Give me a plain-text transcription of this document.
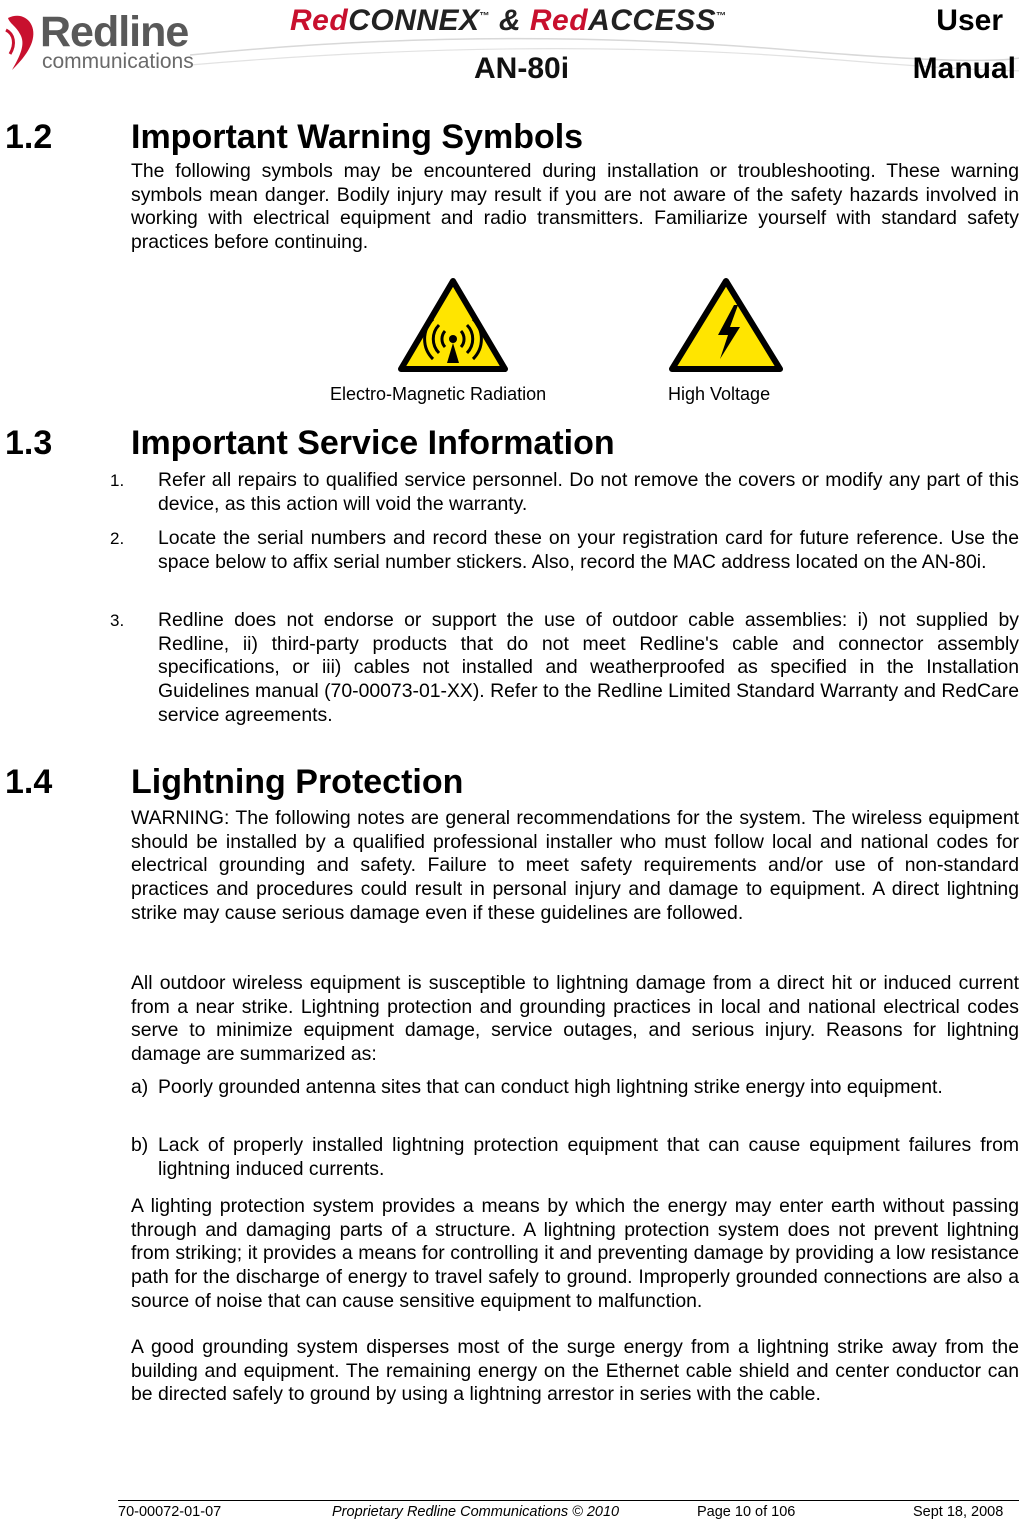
Redline
communications
RedCONNEX™ & RedACCESS™
AN-80i
User
Manual
1.2 Important Warning Symbols

The following symbols may be encountered during installation or troubleshooting. These warning symbols mean danger. Bodily injury may result if you are not aware of the safety hazards involved in working with electrical equipment and radio transmitters. Familiarize yourself with standard safety practices before continuing.

Electro-Magnetic Radiation	High Voltage
1.3 Important Service Information
1. Refer all repairs to qualified service personnel. Do not remove the covers or modify any part of this device, as this action will void the warranty.
2. Locate the serial numbers and record these on your registration card for future reference. Use the space below to affix serial number stickers. Also, record the MAC address located on the AN-80i.
3. Redline does not endorse or support the use of outdoor cable assemblies: i) not supplied by Redline, ii) third-party products that do not meet Redline's cable and connector assembly specifications, or iii) cables not installed and weatherproofed as specified in the Installation Guidelines manual (70-00073-01-XX). Refer to the Redline Limited Standard Warranty and RedCare service agreements.
1.4 Lightning Protection

WARNING: The following notes are general recommendations for the system. The wireless equipment should be installed by a qualified professional installer who must follow local and national codes for electrical grounding and safety. Failure to meet safety requirements and/or use of non-standard practices and procedures could result in personal injury and damage to equipment. A direct lightning strike may cause serious damage even if these guidelines are followed.

All outdoor wireless equipment is susceptible to lightning damage from a direct hit or induced current from a near strike. Lightning protection and grounding practices in local and national electrical codes serve to minimize equipment damage, service outages, and serious injury. Reasons for lightning damage are summarized as:

a) Poorly grounded antenna sites that can conduct high lightning strike energy into equipment.
b) Lack of properly installed lightning protection equipment that can cause equipment failures from lightning induced currents.

A lighting protection system provides a means by which the energy may enter earth without passing through and damaging parts of a structure. A lightning protection system does not prevent lightning from striking; it provides a means for controlling it and preventing damage by providing a low resistance path for the discharge of energy to travel safely to ground. Improperly grounded connections are also a source of noise that can cause sensitive equipment to malfunction.

A good grounding system disperses most of the surge energy from a lightning strike away from the building and equipment. The remaining energy on the Ethernet cable shield and center conductor can be directed safely to ground by using a lightning arrestor in series with the cable.

70-00072-01-07	Proprietary Redline Communications © 2010	Page 10 of 106	Sept 18, 2008
